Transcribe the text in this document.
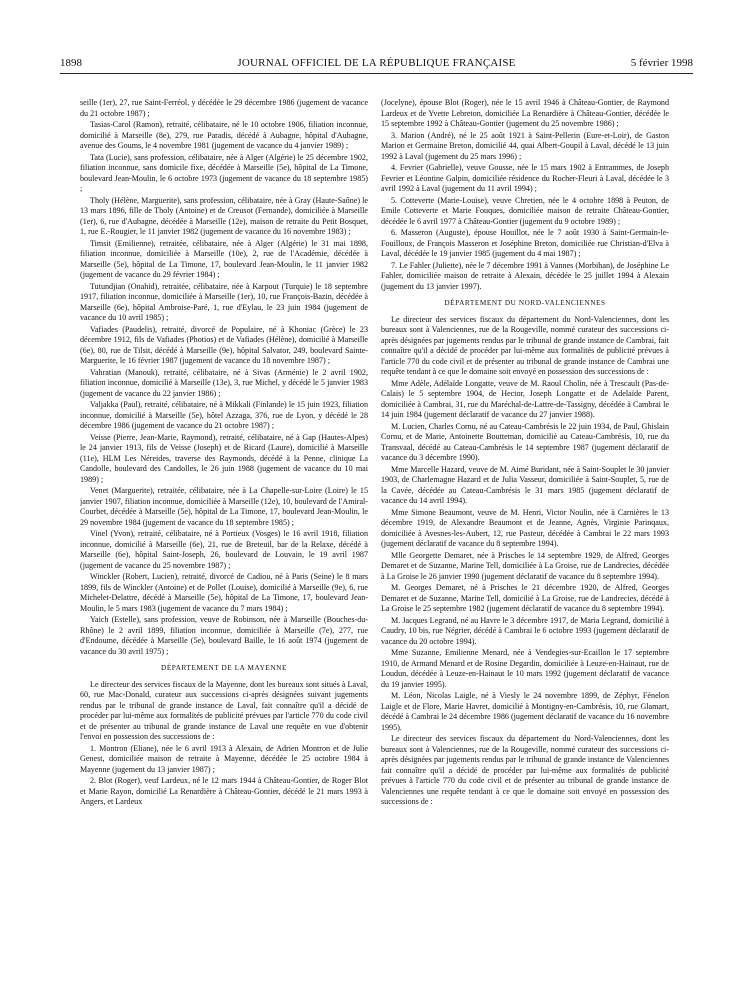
1898	JOURNAL OFFICIEL DE LA RÉPUBLIQUE FRANÇAISE	5 février 1998

seille (1er), 27, rue Saint-Ferréol, y décédée le 29 décembre 1986 (jugement de vacance du 21 octobre 1987) ;

Tasias-Carol (Ramon), retraité, célibataire, né le 10 octobre 1906, filiation inconnue, domicilié à Marseille (8e), 279, rue Paradis, décédé à Aubagne, hôpital d'Aubagne, avenue des Goums, le 4 novembre 1981 (jugement de vacance du 4 janvier 1989) ;

Tata (Lucie), sans profession, célibataire, née à Alger (Algérie) le 25 décembre 1902, filiation inconnue, sans domicile fixe, décédée à Marseille (5e), hôpital de La Timone, boulevard Jean-Moulin, le 6 octobre 1973 (jugement de vacance du 18 septembre 1985) ;

Tholy (Hélène, Marguerite), sans profession, célibataire, née à Gray (Haute-Saône) le 13 mars 1896, fille de Tholy (Antoine) et de Creusot (Fernande), domiciliée à Marseille (1er), 6, rue d'Aubagne, décédée à Marseille (12e), maison de retraite du Petit Bosquet, 1, rue E.-Rougier, le 11 janvier 1982 (jugement de vacance du 16 novembre 1983) ;

Timsit (Emilienne), retraitée, célibataire, née à Alger (Algérie) le 31 mai 1898, filiation inconnue, domiciliée à Marseille (10e), 2, rue de l'Académie, décédée à Marseille (5e), hôpital de La Timone, 17, boulevard Jean-Moulin, le 11 janvier 1982 (jugement de vacance du 29 février 1984) ;

Tutundjian (Onahid), retraitée, célibataire, née à Karpout (Turquie) le 18 septembre 1917, filiation inconnue, domiciliée à Marseille (1er), 10, rue François-Bazin, décédée à Marseille (6e), hôpital Ambroise-Paré, 1, rue d'Eylau, le 23 juin 1984 (jugement de vacance du 10 avril 1985) ;

Vafiades (Paudelis), retraité, divorcé de Populaire, né à Khoniac (Grèce) le 23 décembre 1912, fils de Vafiades (Photios) et de Vafiades (Hélène), domicilié à Marseille (6e), 80, rue de Tilsit, décédé à Marseille (9e), hôpital Salvator, 249, boulevard Sainte-Marguerite, le 16 février 1987 (jugement de vacance du 18 novembre 1987) ;

Vahratian (Manouk), retraité, célibataire, né à Sivas (Arménie) le 2 avril 1902, filiation inconnue, domicilié à Marseille (13e), 3, rue Michel, y décédé le 5 janvier 1983 (jugement de vacance du 22 janvier 1986) ;

Valjakka (Paul), retraité, célibataire, né à Mikkali (Finlande) le 15 juin 1923, filiation inconnue, domicilié à Marseille (5e), hôtel Azzaga, 376, rue de Lyon, y décédé le 28 décembre 1986 (jugement de vacance du 21 octobre 1987) ;

Veisse (Pierre, Jean-Marie, Raymond), retraité, célibataire, né à Gap (Hautes-Alpes) le 24 janvier 1913, fils de Veisse (Joseph) et de Ricard (Laure), domicilié à Marseille (11e), HLM Les Néreides, traverse des Raymonds, décédé à la Penne, clinique La Candolle, boulevard des Candolles, le 26 juin 1988 (jugement de vacance du 10 mai 1989) ;

Venet (Marguerite), retraitée, célibataire, née à La Chapelle-sur-Loire (Loire) le 15 janvier 1907, filiation inconnue, domiciliée à Marseille (12e), 10, boulevard de l'Amiral-Courbet, décédée à Marseille (5e), hôpital de La Timone, 17, boulevard Jean-Moulin, le 29 novembre 1984 (jugement de vacance du 18 septembre 1985) ;

Vinel (Yvon), retraité, célibataire, né à Portieux (Vosges) le 16 avril 1918, filiation inconnue, domicilié à Marseille (6e), 21, rue de Breteuil, bar de la Relaxe, décédé à Marseille (6e), hôpital Saint-Joseph, 26, boulevard de Louvain, le 19 avril 1987 (jugement de vacance du 25 novembre 1987) ;

Winckler (Robert, Lucien), retraité, divorcé de Cadiou, né à Paris (Seine) le 8 mars 1899, fils de Winckler (Antoine) et de Pollet (Louise), domicilié à Marseille (9e), 6, rue Michelet-Delattre, décédé à Marseille (5e), hôpital de La Timone, 17, boulevard Jean-Moulin, le 5 mars 1983 (jugement de vacance du 7 mars 1984) ;

Yaich (Estelle), sans profession, veuve de Robinson, née à Marseille (Bouches-du-Rhône) le 2 avril 1899, filiation inconnue, domiciliée à Marseille (7e), 277, rue d'Endoume, décédée à Marseille (5e), boulevard Baille, le 16 août 1974 (jugement de vacance du 30 avril 1975) ;

DÉPARTEMENT DE LA MAYENNE

Le directeur des services fiscaux de la Mayenne, dont les bureaux sont situés à Laval, 60, rue Mac-Donald, curateur aux successions ci-après désignées suivant jugements rendus par le tribunal de grande instance de Laval, fait connaître qu'il a décidé de procéder par lui-même aux formalités de publicité prévues par l'article 770 du code civil et de présenter au tribunal de grande instance de Laval une requête en vue d'obtenir l'envoi en possession des successions de :

1. Montron (Eliane), née le 6 avril 1913 à Alexain, de Adrien Montron et de Julie Genest, domiciliée maison de retraite à Mayenne, décédée le 25 octobre 1984 à Mayenne (jugement du 13 janvier 1987) ;

2. Blot (Roger), veuf Lardeux, né le 12 mars 1944 à Château-Gontier, de Roger Blot et Marie Rayon, domicilié La Renardière à Château-Gontier, décédé le 21 mars 1993 à Angers, et Lardeux

(Jocelyne), épouse Blot (Roger), née le 15 avril 1946 à Château-Gontier, de Raymond Lardeux et de Yvette Lebreton, domiciliée La Renardière à Château-Gontier, décédée le 15 septembre 1992 à Château-Gontier (jugement du 25 novembre 1986) ;

3. Marion (André), né le 25 août 1921 à Saint-Pellerin (Eure-et-Loir), de Gaston Marion et Germaine Breton, domicilié 44, quai Albert-Goupil à Laval, décédé le 13 juin 1992 à Laval (jugement du 25 mars 1996) ;

4. Fevrier (Gabrielle), veuve Gousse, née le 15 mars 1902 à Entrammes, de Joseph Fevrier et Léontine Galpin, domiciliée résidence du Rocher-Fleuri à Laval, décédée le 3 avril 1992 à Laval (jugement du 11 avril 1994) ;

5. Cotteverte (Marie-Louise), veuve Chretien, née le 4 octobre 1898 à Peuton, de Emile Cotteverte et Marie Fouques, domiciliée maison de retraite Château-Gontier, décédée le 6 avril 1977 à Château-Gontier (jugement du 9 octobre 1989) ;

6. Masseron (Auguste), épouse Houillot, née le 7 août 1930 à Saint-Germain-le-Fouilloux, de François Masseron et Joséphine Breton, domiciliée rue Christian-d'Elva à Laval, décédée le 19 janvier 1985 (jugement du 4 mai 1987) ;

7. Le Fahler (Juliette), née le 7 décembre 1991 à Vannes (Morbihan), de Joséphine Le Fahler, domiciliée maison de retraite à Alexain, décédée le 25 juillet 1994 à Alexain (jugement du 13 janvier 1997).

DÉPARTEMENT DU NORD-VALENCIENNES

Le directeur des services fiscaux du département du Nord-Valenciennes, dont les bureaux sont à Valenciennes, rue de la Rougeville, nommé curateur des successions ci-après désignées par jugements rendus par le tribunal de grande instance de Cambrai, fait connaître qu'il a décidé de procéder par lui-même aux formalités de publicité prévues à l'article 770 du code civil et de présenter au tribunal de grande instance de Cambrai une requête tendant à ce que le domaine soit envoyé en possession des successions de :

Mme Adèle, Adélaïde Longatte, veuve de M. Raoul Cholin, née à Trescault (Pas-de-Calais) le 5 septembre 1904, de Hector, Joseph Longatte et de Adelaïde Parent, domiciliée à Cambrai, 31, rue du Maréchal-de-Lattre-de-Tassigny, décédée à Cambrai le 14 juin 1984 (jugement déclaratif de vacance du 27 janvier 1988).

M. Lucien, Charles Cornu, né au Cateau-Cambrésis le 22 juin 1934, de Paul, Ghislain Cornu, et de Marie, Antoinette Boutteman, domicilié au Cateau-Cambrésis, 10, rue du Transvaal, décédé au Cateau-Cambrésis le 14 septembre 1987 (jugement déclaratif de vacance du 3 décembre 1990).

Mme Marcelle Hazard, veuve de M. Aimé Buridant, née à Saint-Souplet le 30 janvier 1903, de Charlemagne Hazard et de Julia Vasseur, domiciliée à Saint-Souplet, 5, rue de la Cavée, décédée au Cateau-Cambrésis le 31 mars 1985 (jugement déclaratif de vacance du 14 avril 1994).

Mme Simone Beaumont, veuve de M. Henri, Victor Noulin, née à Carnières le 13 décembre 1919, de Alexandre Beaumont et de Jeanne, Agnès, Virginie Parinqaux, domiciliée à Avesnes-les-Aubert, 12, rue Pasteur, décédée à Cambrai le 22 mars 1993 (jugement déclaratif de vacance du 8 septembre 1994).

Mlle Georgette Demaret, née à Prisches le 14 septembre 1929, de Alfred, Georges Demaret et de Suzanne, Marine Tell, domiciliée à La Groise, rue de Landrecies, décédée à La Groise le 26 janvier 1990 (jugement déclaratif de vacance du 8 septembre 1994).

M. Georges Demaret, né à Prisches le 21 décembre 1920, de Alfred, Georges Demaret et de Suzanne, Marine Tell, domicilié à La Groise, rue de Landrecies, décédé à La Groise le 25 septembre 1982 (jugement déclaratif de vacance du 8 septembre 1994).

M. Jacques Legrand, né au Havre le 3 décembre 1917, de Maria Legrand, domicilié à Caudry, 10 bis, rue Négrier, décédé à Cambrai le 6 octobre 1993 (jugement déclaratif de vacance du 20 octobre 1994).

Mme Suzanne, Emilienne Menard, née à Vendegies-sur-Ecaillon le 17 septembre 1910, de Armand Menard et de Rosine Degardin, domiciliée à Leuze-en-Hainaut, rue de Loudun, décédée à Leuze-en-Hainaut le 10 mars 1992 (jugement déclaratif de vacance du 19 janvier 1995).

M. Léon, Nicolas Laigle, né à Viesly le 24 novembre 1899, de Zéphyr, Fénelon Laigle et de Flore, Marie Havret, domicilié à Montigny-en-Cambrésis, 10, rue Glamart, décédé à Cambrai le 24 décembre 1986 (jugement déclaratif de vacance du 16 novembre 1995).

Le directeur des services fiscaux du département du Nord-Valenciennes, dont les bureaux sont à Valenciennes, rue de la Rougeville, nommé curateur des successions ci-après désignées par jugements rendus par le tribunal de grande instance de Valenciennes fait connaître qu'il a décidé de procéder par lui-même aux formalités de publicité prévues à l'article 770 du code civil et de présenter au tribunal de grande instance de Valenciennes une requête tendant à ce que le domaine soit envoyé en possession des successions de :
